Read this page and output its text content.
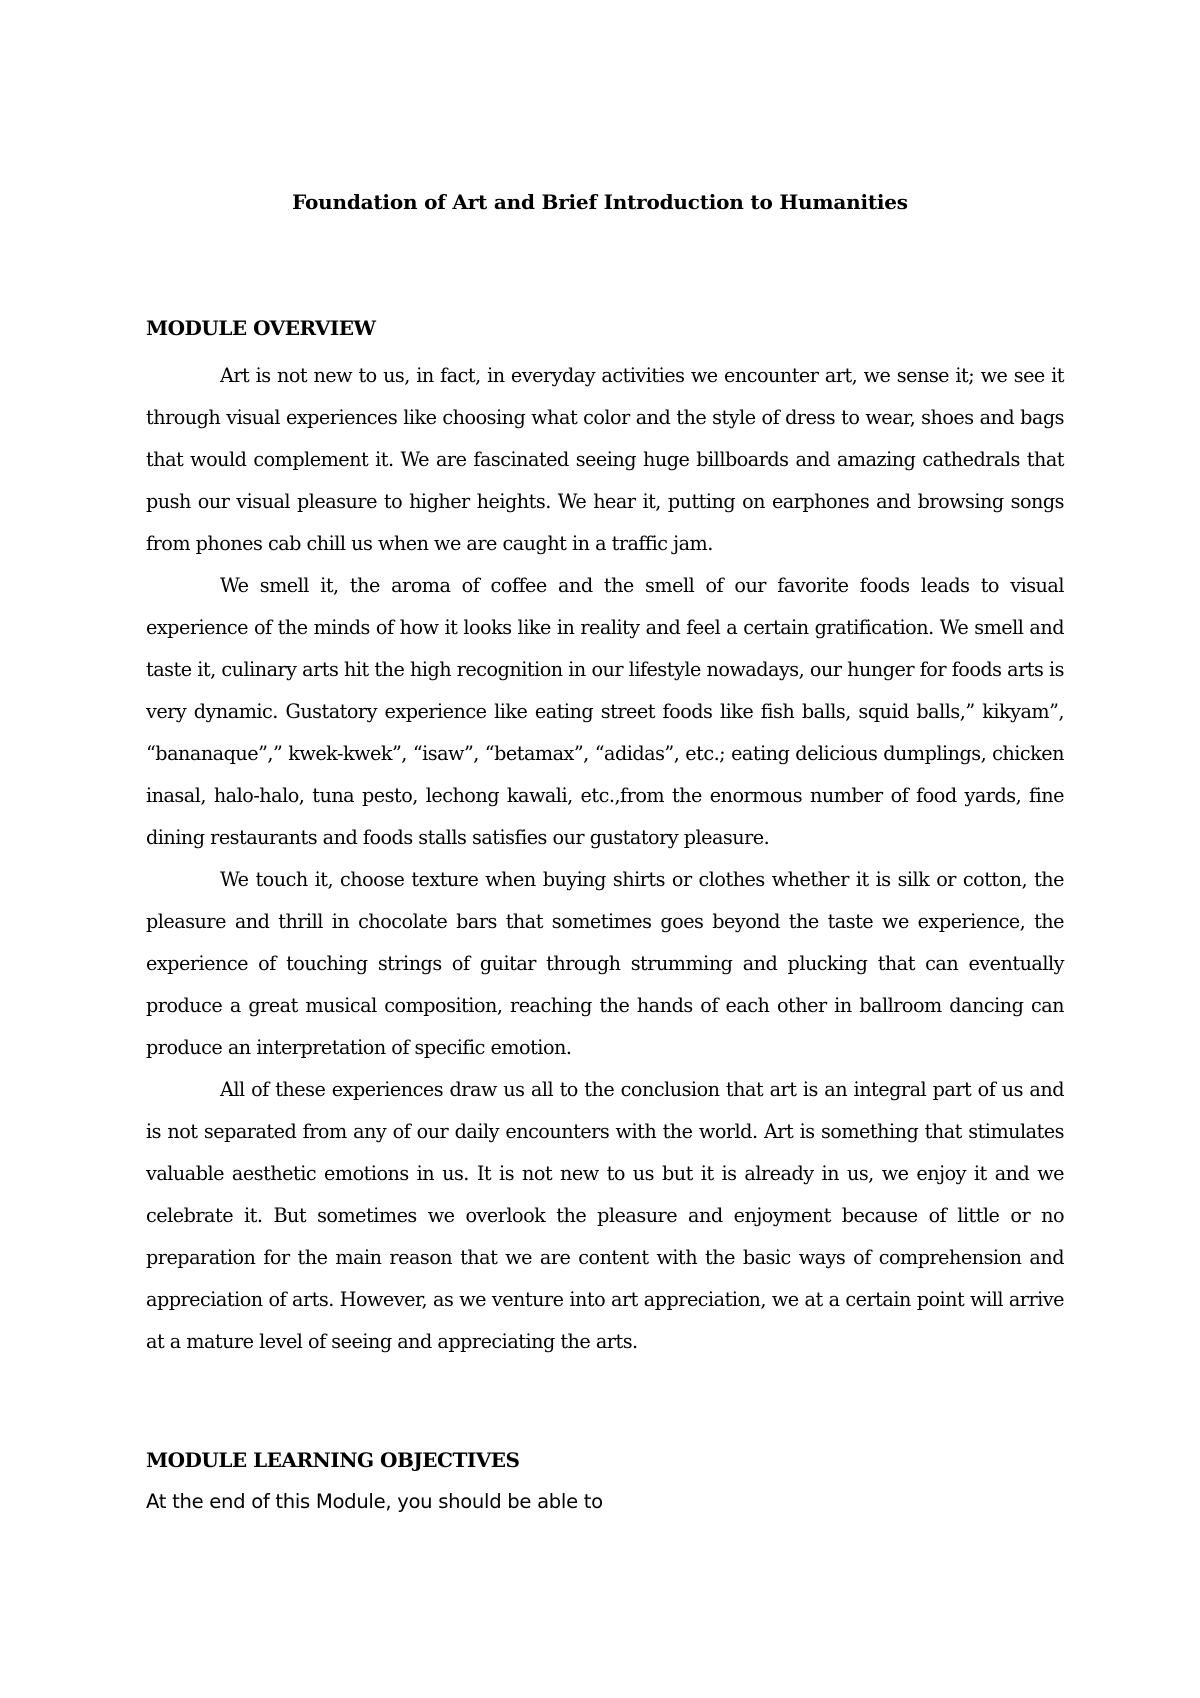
Foundation of Art and Brief Introduction to Humanities
MODULE OVERVIEW

Art is not new to us, in fact, in everyday activities we encounter art, we sense it; we see it through visual experiences like choosing what color and the style of dress to wear, shoes and bags that would complement it. We are fascinated seeing huge billboards and amazing cathedrals that push our visual pleasure to higher heights. We hear it, putting on earphones and browsing songs from phones cab chill us when we are caught in a traffic jam.

We smell it, the aroma of coffee and the smell of our favorite foods leads to visual experience of the minds of how it looks like in reality and feel a certain gratification. We smell and taste it, culinary arts hit the high recognition in our lifestyle nowadays, our hunger for foods arts is very dynamic. Gustatory experience like eating street foods like fish balls, squid balls,” kikyam”, “bananaque”,” kwek-kwek”, “isaw”, “betamax”, “adidas”, etc.; eating delicious dumplings, chicken inasal, halo-halo, tuna pesto, lechong kawali, etc.,from the enormous number of food yards, fine dining restaurants and foods stalls satisfies our gustatory pleasure.

We touch it, choose texture when buying shirts or clothes whether it is silk or cotton, the pleasure and thrill in chocolate bars that sometimes goes beyond the taste we experience, the experience of touching strings of guitar through strumming and plucking that can eventually produce a great musical composition, reaching the hands of each other in ballroom dancing can produce an interpretation of specific emotion.

All of these experiences draw us all to the conclusion that art is an integral part of us and is not separated from any of our daily encounters with the world. Art is something that stimulates valuable aesthetic emotions in us. It is not new to us but it is already in us, we enjoy it and we celebrate it. But sometimes we overlook the pleasure and enjoyment because of little or no preparation for the main reason that we are content with the basic ways of comprehension and appreciation of arts. However, as we venture into art appreciation, we at a certain point will arrive at a mature level of seeing and appreciating the arts.

MODULE LEARNING OBJECTIVES
At the end of this Module, you should be able to
